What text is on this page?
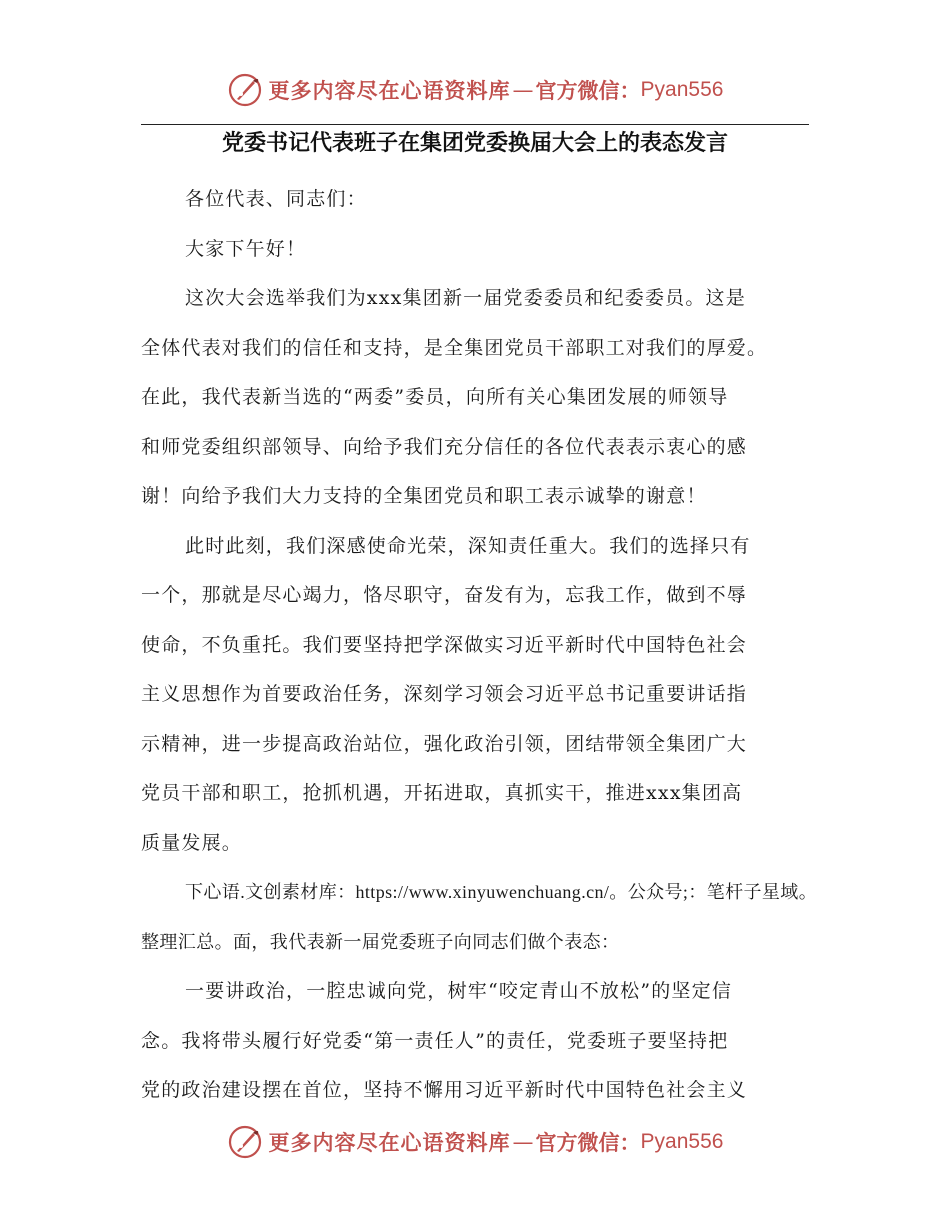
更多内容尽在心语资料库 — 官方微信： Pyan556
党委书记代表班子在集团党委换届大会上的表态发言
各位代表、同志们：
大家下午好！
这次大会选举我们为xxx集团新一届党委委员和纪委委员。这是
全体代表对我们的信任和支持，是全集团党员干部职工对我们的厚爱。
在此，我代表新当选的“两委”委员，向所有关心集团发展的师领导
和师党委组织部领导、向给予我们充分信任的各位代表表示衷心的感
谢！向给予我们大力支持的全集团党员和职工表示诚挚的谢意！
此时此刻，我们深感使命光荣，深知责任重大。我们的选择只有
一个，那就是尽心竭力，恪尽职守，奋发有为，忘我工作，做到不辱
使命，不负重托。我们要坚持把学深做实习近平新时代中国特色社会
主义思想作为首要政治任务，深刻学习领会习近平总书记重要讲话指
示精神，进一步提高政治站位，强化政治引领，团结带领全集团广大
党员干部和职工，抢抓机遇，开拓进取，真抓实干，推进xxx集团高
质量发展。
下心语.文创素材库：https://www.xinyuwenchuang.cn/。公众号;：笔杆子星域。
整理汇总。面，我代表新一届党委班子向同志们做个表态：
一要讲政治，一腔忠诚向党，树牢“咬定青山不放松”的坚定信
念。我将带头履行好党委“第一责任人”的责任，党委班子要坚持把
党的政治建设摆在首位，坚持不懈用习近平新时代中国特色社会主义
更多内容尽在心语资料库 — 官方微信： Pyan556
